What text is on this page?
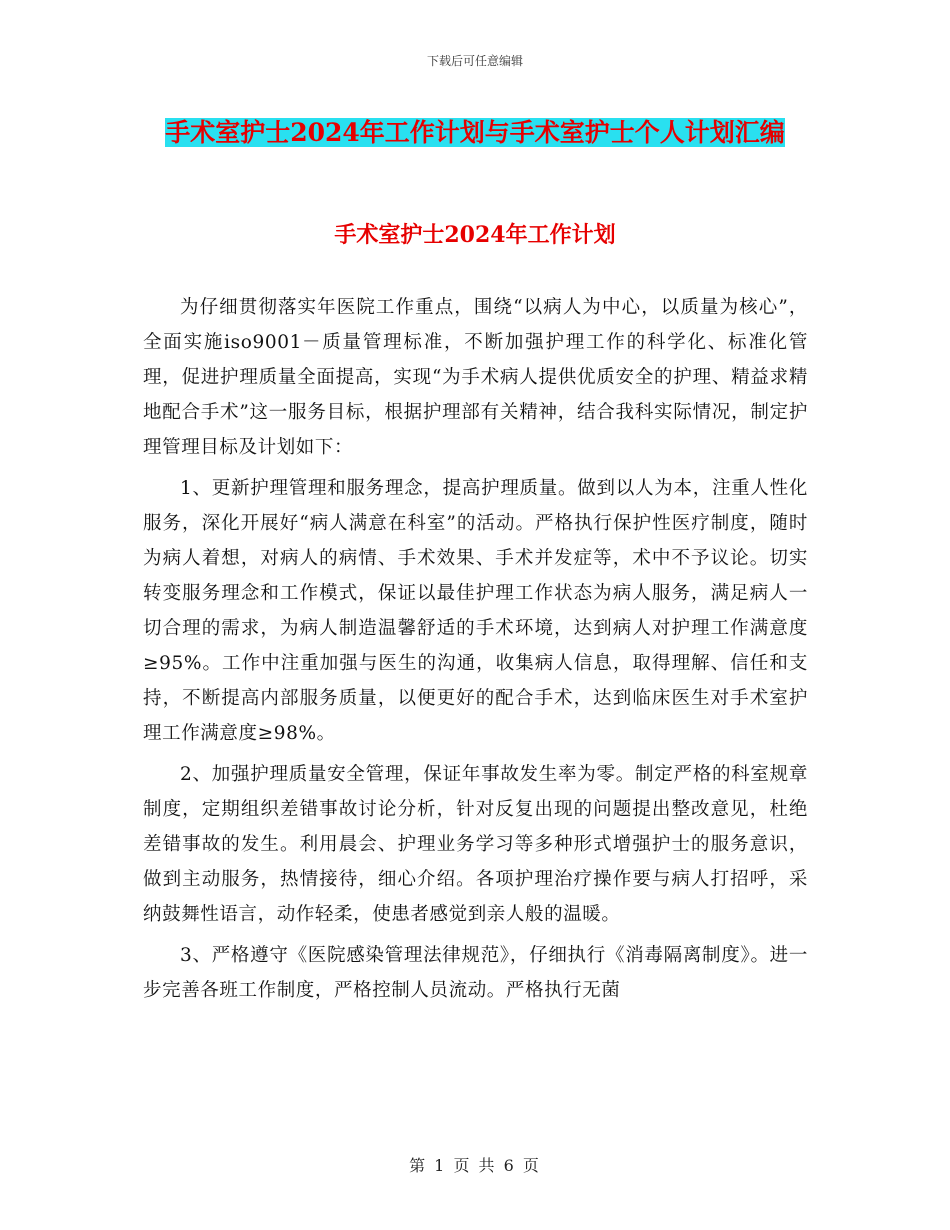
下载后可任意编辑
手术室护士2024年工作计划与手术室护士个人计划汇编
手术室护士2024年工作计划

为仔细贯彻落实年医院工作重点，围绕“以病人为中心，以质量为核心”，全面实施iso9001－质量管理标准，不断加强护理工作的科学化、标准化管理，促进护理质量全面提高，实现“为手术病人提供优质安全的护理、精益求精地配合手术”这一服务目标，根据护理部有关精神，结合我科实际情况，制定护理管理目标及计划如下：

1、更新护理管理和服务理念，提高护理质量。做到以人为本，注重人性化服务，深化开展好“病人满意在科室”的活动。严格执行保护性医疗制度，随时为病人着想，对病人的病情、手术效果、手术并发症等，术中不予议论。切实转变服务理念和工作模式，保证以最佳护理工作状态为病人服务，满足病人一切合理的需求，为病人制造温馨舒适的手术环境，达到病人对护理工作满意度≥95%。工作中注重加强与医生的沟通，收集病人信息，取得理解、信任和支持，不断提高内部服务质量，以便更好的配合手术，达到临床医生对手术室护理工作满意度≥98%。

2、加强护理质量安全管理，保证年事故发生率为零。制定严格的科室规章制度，定期组织差错事故讨论分析，针对反复出现的问题提出整改意见，杜绝差错事故的发生。利用晨会、护理业务学习等多种形式增强护士的服务意识，做到主动服务，热情接待，细心介绍。各项护理治疗操作要与病人打招呼，采纳鼓舞性语言，动作轻柔，使患者感觉到亲人般的温暖。

3、严格遵守《医院感染管理法律规范》，仔细执行《消毒隔离制度》。进一步完善各班工作制度，严格控制人员流动。严格执行无菌

第 1 页 共 6 页
